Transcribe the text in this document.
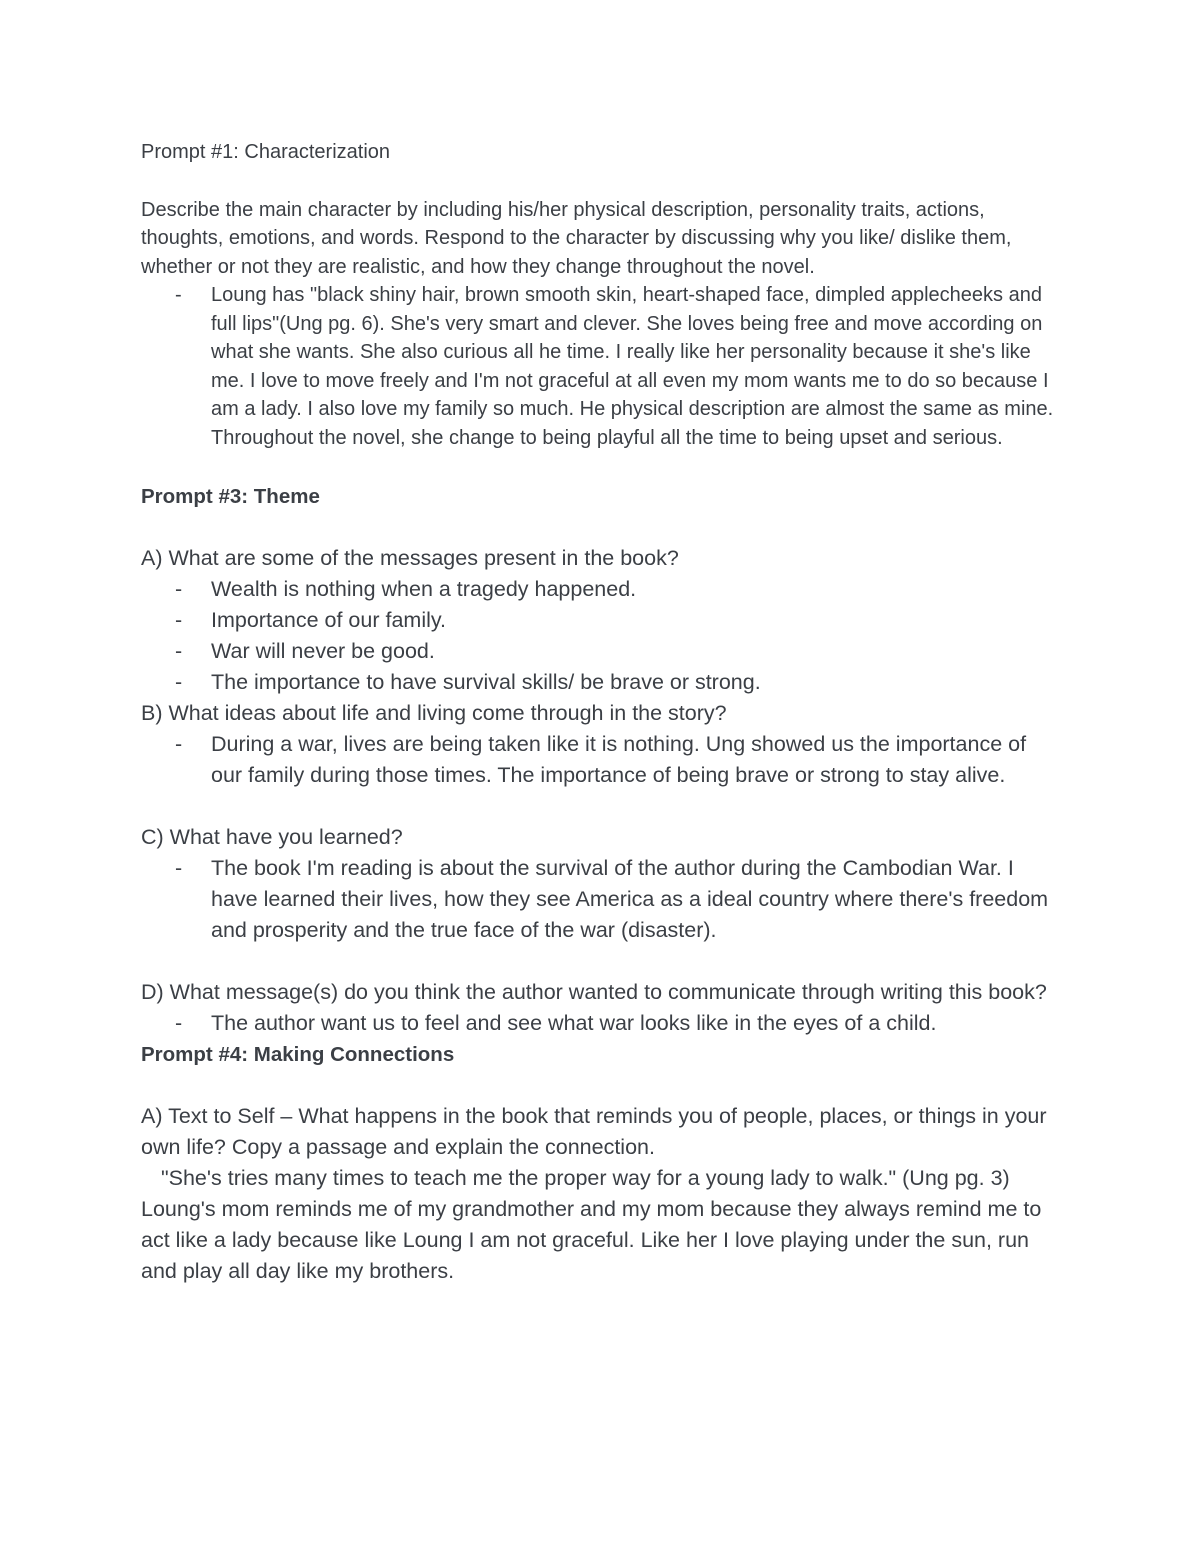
Prompt #1: Characterization

Describe the main character by including his/her physical description, personality traits, actions, thoughts, emotions, and words. Respond to the character by discussing why you like/ dislike them, whether or not they are realistic, and how they change throughout the novel.

- Loung has "black shiny hair, brown smooth skin, heart-shaped face, dimpled applecheeks and full lips"(Ung pg. 6). She's very smart and clever. She loves being free and move according on what she wants. She also curious all he time. I really like her personality because it she's like me. I love to move freely and I'm not graceful at all even my mom wants me to do so because I am a lady. I also love my family so much. He physical description are almost the same as mine. Throughout the novel, she change to being playful all the time to being upset and serious.

Prompt #3: Theme

A) What are some of the messages present in the book?

- Wealth is nothing when a tragedy happened.
- Importance of our family.
- War will never be good.
- The importance to have survival skills/ be brave or strong.

B) What ideas about life and living come through in the story?

- During a war, lives are being taken like it is nothing. Ung showed us the importance of our family during those times. The importance of being brave or strong to stay alive.

C) What have you learned?

- The book I'm reading is about the survival of the author during the Cambodian War. I have learned their lives, how they see America as a ideal country where there's freedom and prosperity and the true face of the war (disaster).

D) What message(s) do you think the author wanted to communicate through writing this book?

- The author want us to feel and see what war looks like in the eyes of a child.

Prompt #4: Making Connections

A) Text to Self – What happens in the book that reminds you of people, places, or things in your own life? Copy a passage and explain the connection.

"She's tries many times to teach me the proper way for a young lady to walk." (Ung pg. 3)

Loung's mom reminds me of my grandmother and my mom because they always remind me to act like a lady because like Loung I am not graceful. Like her I love playing under the sun, run and play all day like my brothers.
